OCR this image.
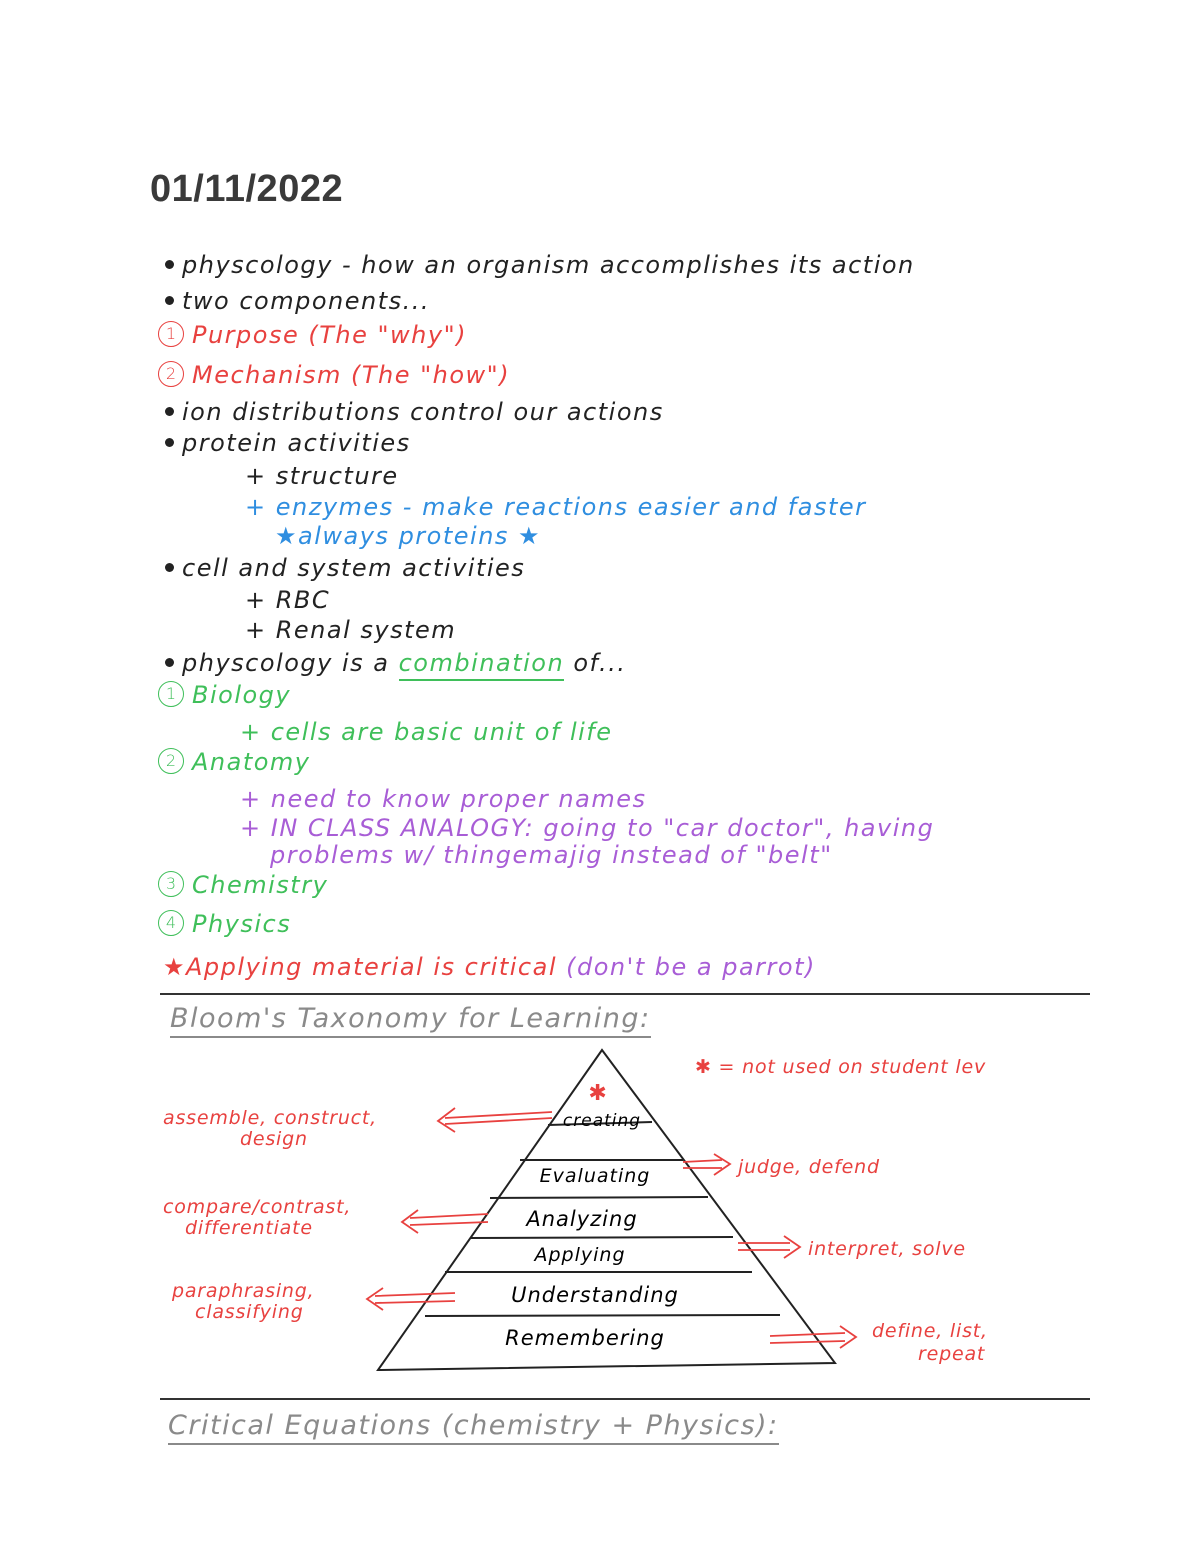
01/11/2022
physcology - how an organism accomplishes its action
two components...
1 Purpose (The "why")
2 Mechanism (The "how")
ion distributions control our actions
protein activities
+ structure
+ enzymes - make reactions easier and faster
★always proteins ★
cell and system activities
+ RBC
+ Renal system
physcology is a combination of...
1 Biology
+ cells are basic unit of life
2 Anatomy
+ need to know proper names
+ IN CLASS ANALOGY: going to "car doctor", having
problems w/ thingemajig instead of "belt"
3 Chemistry
4 Physics
★Applying material is critical (don't be a parrot)
Bloom's Taxonomy for Learning:
✱
creating
Evaluating
Analyzing
Applying
Understanding
Remembering
✱ = not used on student lev
assemble, construct,
design
judge, defend
compare/contrast,
differentiate
interpret, solve
paraphrasing,
classifying
define, list,
repeat
Critical Equations (chemistry + Physics):
